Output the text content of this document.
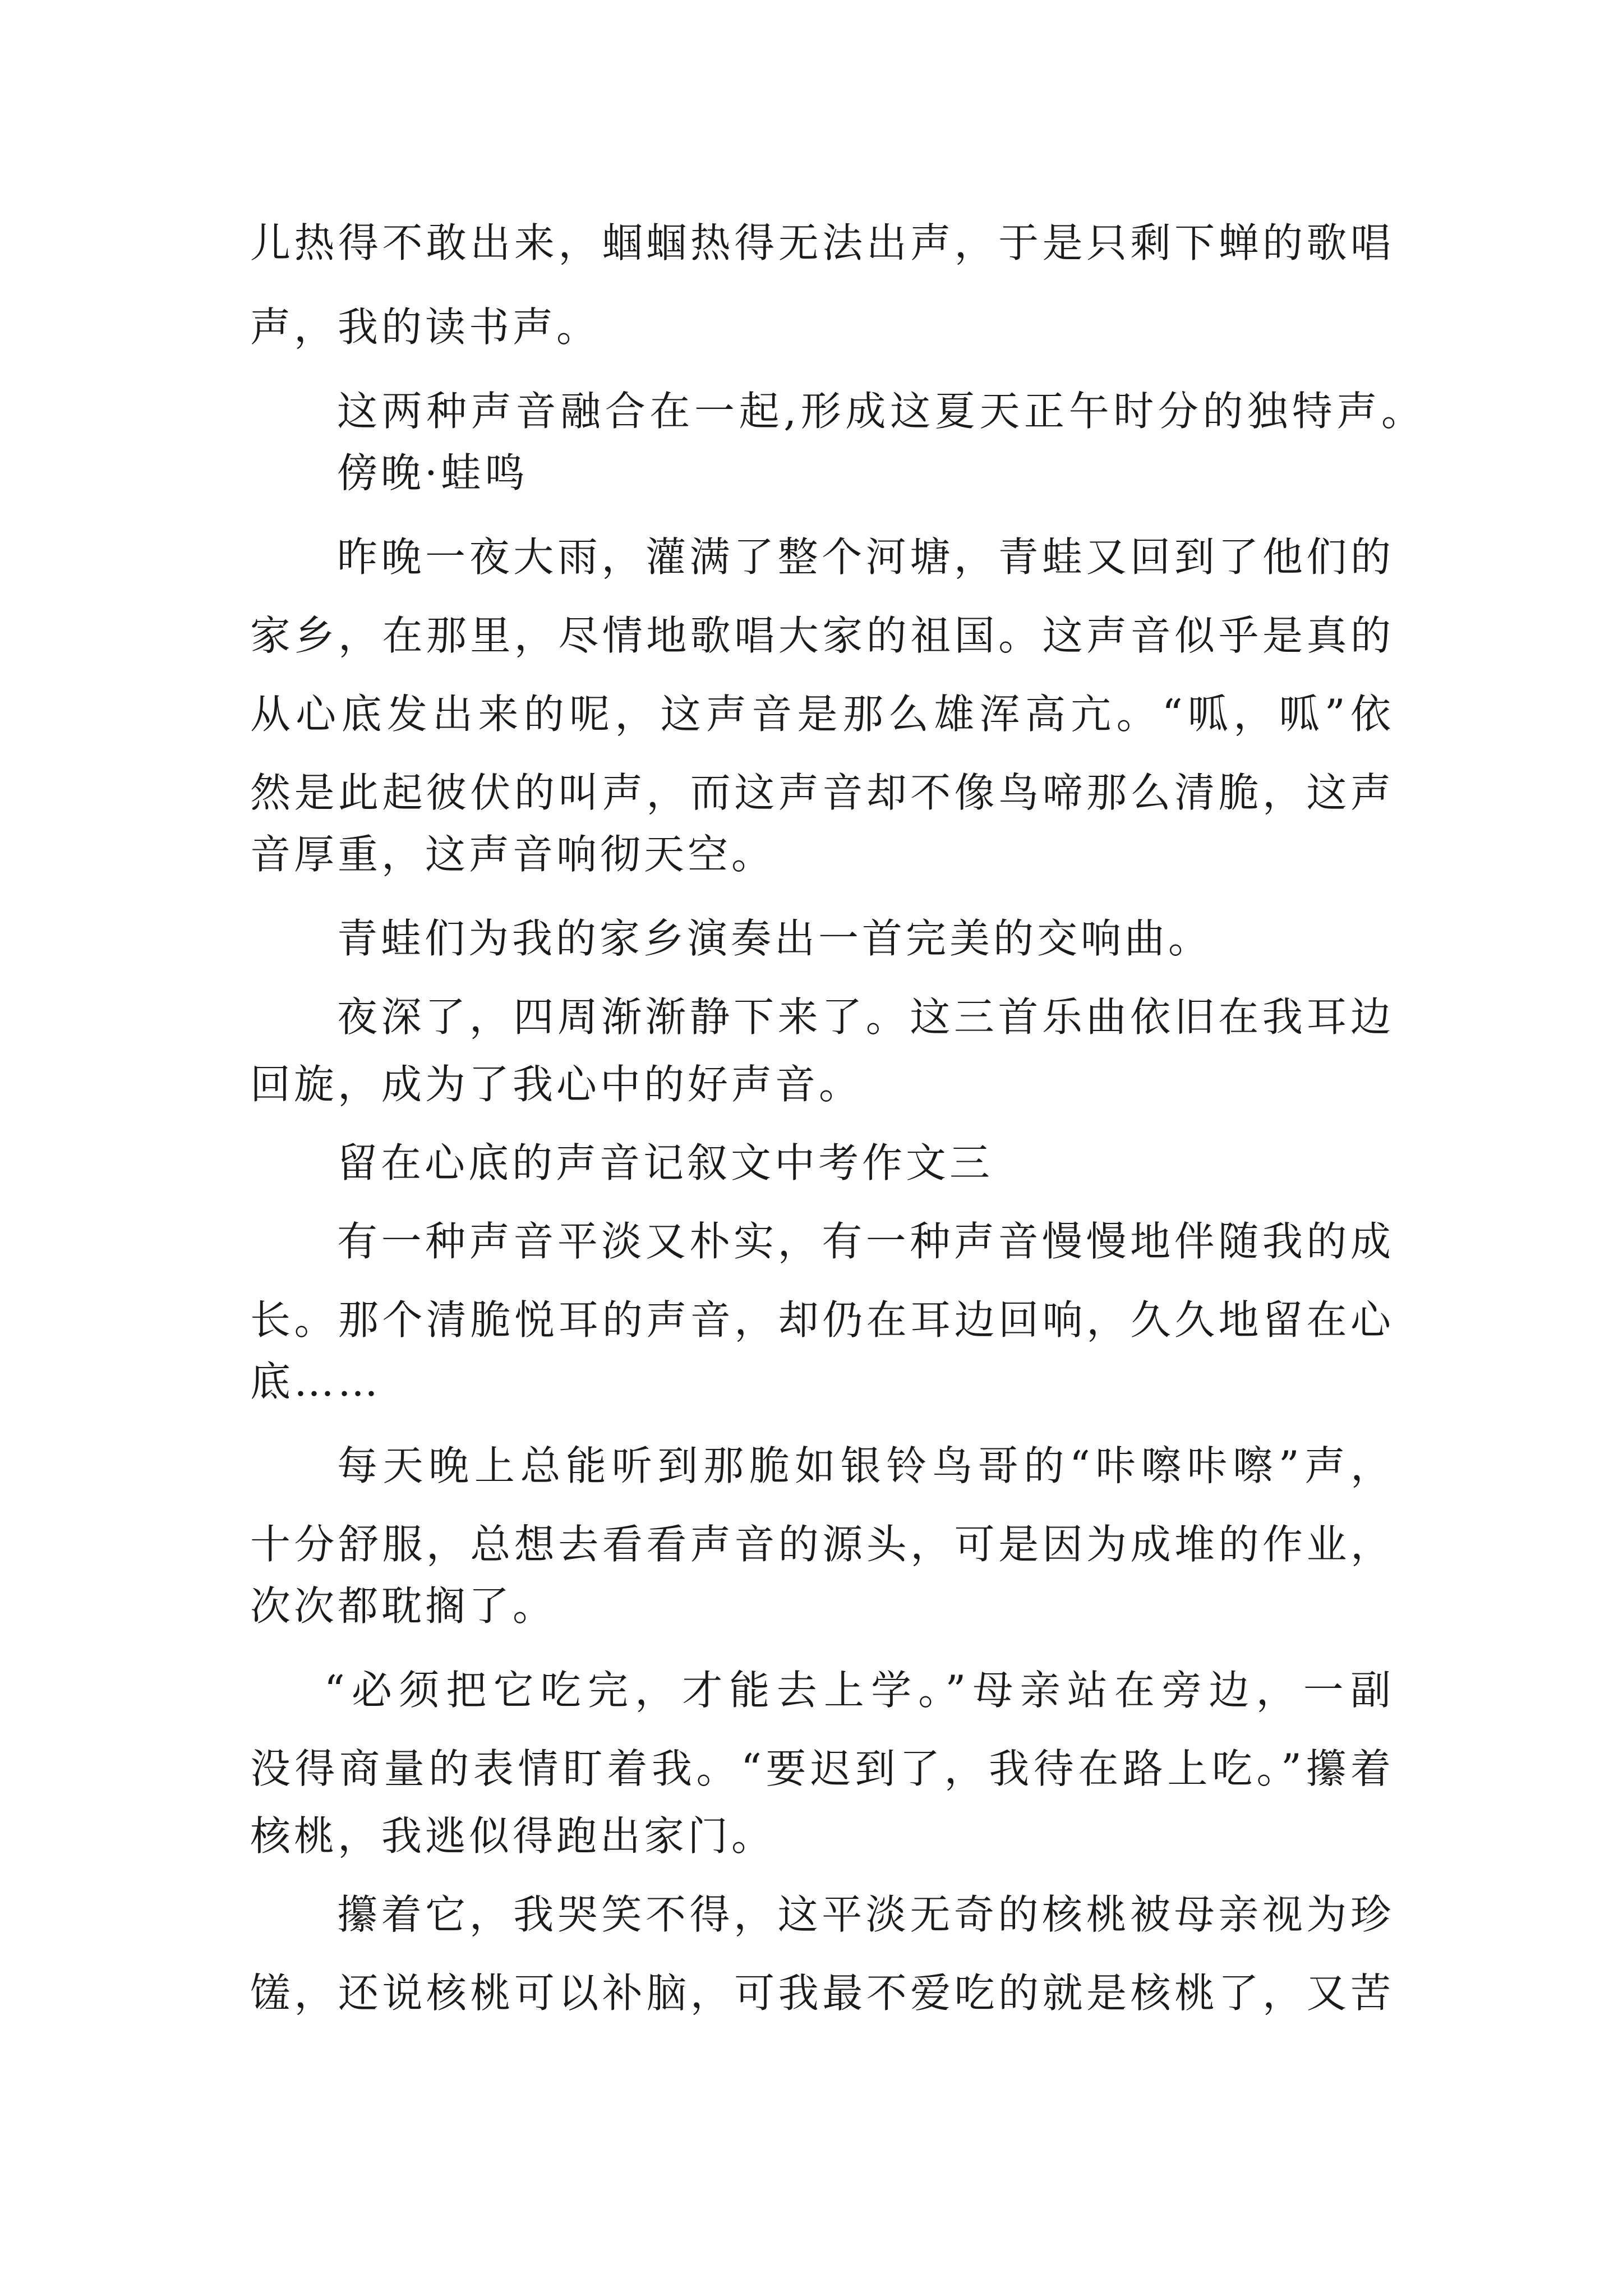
儿热得不敢出来，蝈蝈热得无法出声，于是只剩下蝉的歌唱
声，我的读书声。
这两种声音融合在一起,形成这夏天正午时分的独特声。
傍晚·蛙鸣
昨晚一夜大雨，灌满了整个河塘，青蛙又回到了他们的
家乡，在那里，尽情地歌唱大家的祖国。这声音似乎是真的
从心底发出来的呢，这声音是那么雄浑高亢。“呱，呱”依
然是此起彼伏的叫声，而这声音却不像鸟啼那么清脆，这声
音厚重，这声音响彻天空。
青蛙们为我的家乡演奏出一首完美的交响曲。
夜深了，四周渐渐静下来了。这三首乐曲依旧在我耳边
回旋，成为了我心中的好声音。
留在心底的声音记叙文中考作文三
有一种声音平淡又朴实，有一种声音慢慢地伴随我的成
长。那个清脆悦耳的声音，却仍在耳边回响，久久地留在心
底……
每天晚上总能听到那脆如银铃鸟哥的“咔嚓咔嚓”声，
十分舒服，总想去看看声音的源头，可是因为成堆的作业，
次次都耽搁了。
“必须把它吃完，才能去上学。”母亲站在旁边，一副
没得商量的表情盯着我。“要迟到了，我待在路上吃。”攥着
核桃，我逃似得跑出家门。
攥着它，我哭笑不得，这平淡无奇的核桃被母亲视为珍
馐，还说核桃可以补脑，可我最不爱吃的就是核桃了，又苦
